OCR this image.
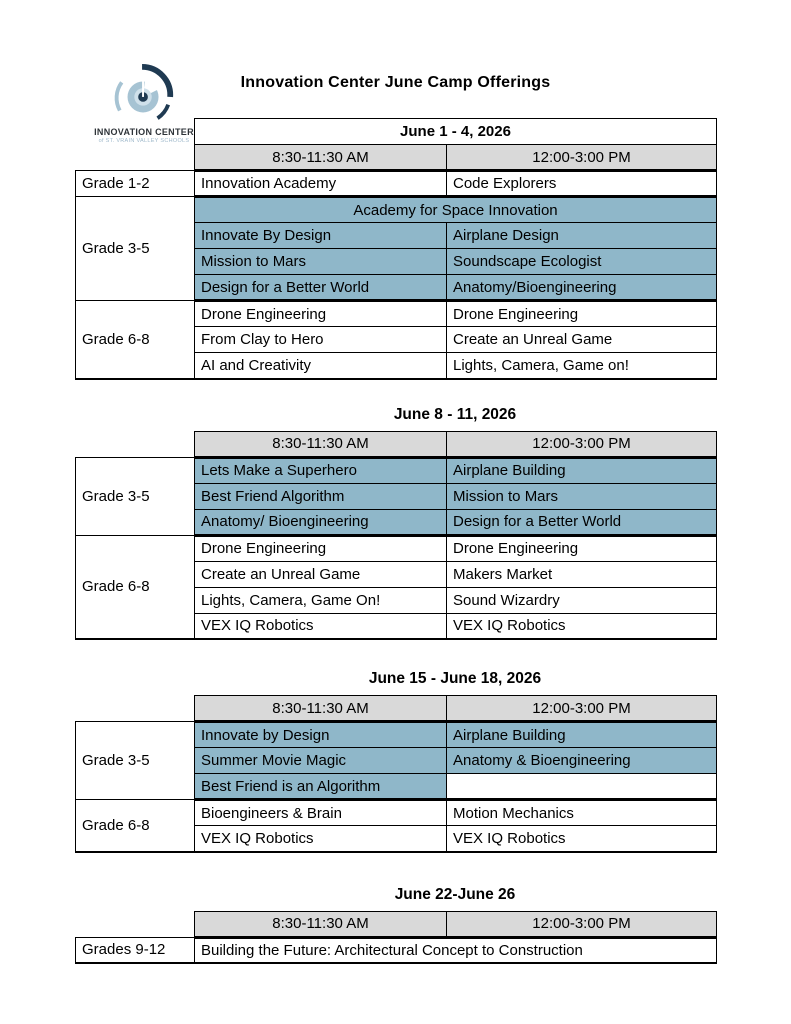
INNOVATION CENTER
of ST. VRAIN VALLEY SCHOOLS
Innovation Center June Camp Offerings
	June 1 - 4, 2026	
	8:30-11:30 AM	12:00-3:00 PM
Grade 1-2	Innovation Academy	Code Explorers
Grade 3-5	Academy for Space Innovation	
	Innovate By Design	Airplane Design
	Mission to Mars	Soundscape Ecologist
	Design for a Better World	Anatomy/Bioengineering
Grade 6-8	Drone Engineering	Drone Engineering
	From Clay to Hero	Create an Unreal Game
	AI and Creativity	Lights, Camera, Game on!
June 8 - 11, 2026
	8:30-11:30 AM	12:00-3:00 PM
Grade 3-5	Lets Make a Superhero	Airplane Building
	Best Friend Algorithm	Mission to Mars
	Anatomy/ Bioengineering	Design for a Better World
Grade 6-8	Drone Engineering	Drone Engineering
	Create an Unreal Game	Makers Market
	Lights, Camera, Game On!	Sound Wizardry
	VEX IQ Robotics	VEX IQ Robotics
June 15 - June 18, 2026
	8:30-11:30 AM	12:00-3:00 PM
Grade 3-5	Innovate by Design	Airplane Building
	Summer Movie Magic	Anatomy & Bioengineering
	Best Friend is an Algorithm	
Grade 6-8	Bioengineers & Brain	Motion Mechanics
	VEX IQ Robotics	VEX IQ Robotics
June 22-June 26
	8:30-11:30 AM	12:00-3:00 PM
Grades 9-12	Building the Future: Architectural Concept to Construction	
